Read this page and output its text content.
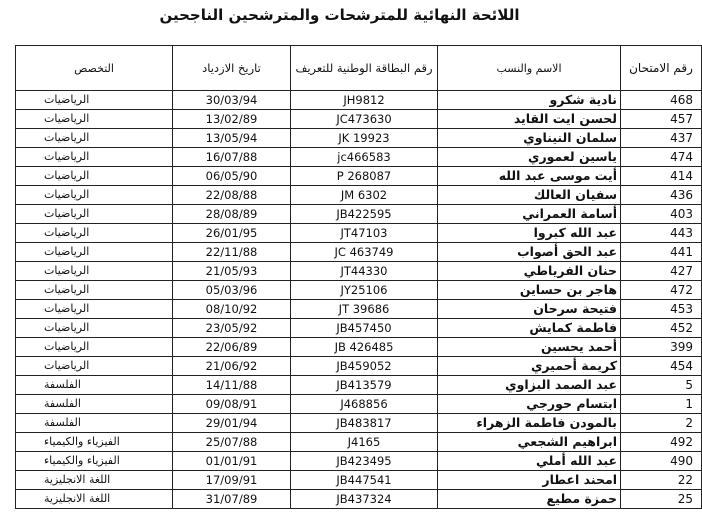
اللائحة النهائية للمترشحات والمترشحين الناجحين
رقم الامتحان	الاسم والنسب	رقم البطاقة الوطنية للتعريف	تاريخ الازدياد	التخصص
468	نادية شكرو	JH9812	30/03/94	الرياضيات
457	لحسن ايت القايد	JC473630	13/02/89	الرياضيات
437	سلمان النيناوي	JK 19923	13/05/94	الرياضيات
474	ياسين لعموري	jc466583	16/07/88	الرياضيات
414	أيت موسى عبد الله	P 268087	06/05/90	الرياضيات
436	سفيان العالك	JM 6302	22/08/88	الرياضيات
403	أسامة العمراني	JB422595	28/08/89	الرياضيات
443	عبد الله كبروا	JT47103	26/01/95	الرياضيات
441	عبد الحق أصواب	JC 463749	22/11/88	الرياضيات
427	حنان الفرياطي	JT44330	21/05/93	الرياضيات
472	هاجر بن حساين	JY25106	05/03/96	الرياضيات
453	فتيحة سرحان	JT 39686	08/10/92	الرياضيات
452	فاطمة كمايش	JB457450	23/05/92	الرياضيات
399	أحمد يحسين	JB 426485	22/06/89	الرياضيات
454	كريمة أحميري	JB459052	21/06/92	الرياضيات
5	عبد الصمد البزاوي	JB413579	14/11/88	الفلسفة
1	ابتسام حورجي	J468856	09/08/91	الفلسفة
2	بالمودن فاطمة الزهراء	JB483817	29/01/94	الفلسفة
492	ابراهيم الشجعي	J4165	25/07/88	الفيزياء والكيمياء
490	عبد الله أملي	JB423495	01/01/91	الفيزياء والكيمياء
22	امحند اعطار	JB447541	17/09/91	اللغة الانجليزية
25	حمزة مطيع	JB437324	31/07/89	اللغة الانجليزية
